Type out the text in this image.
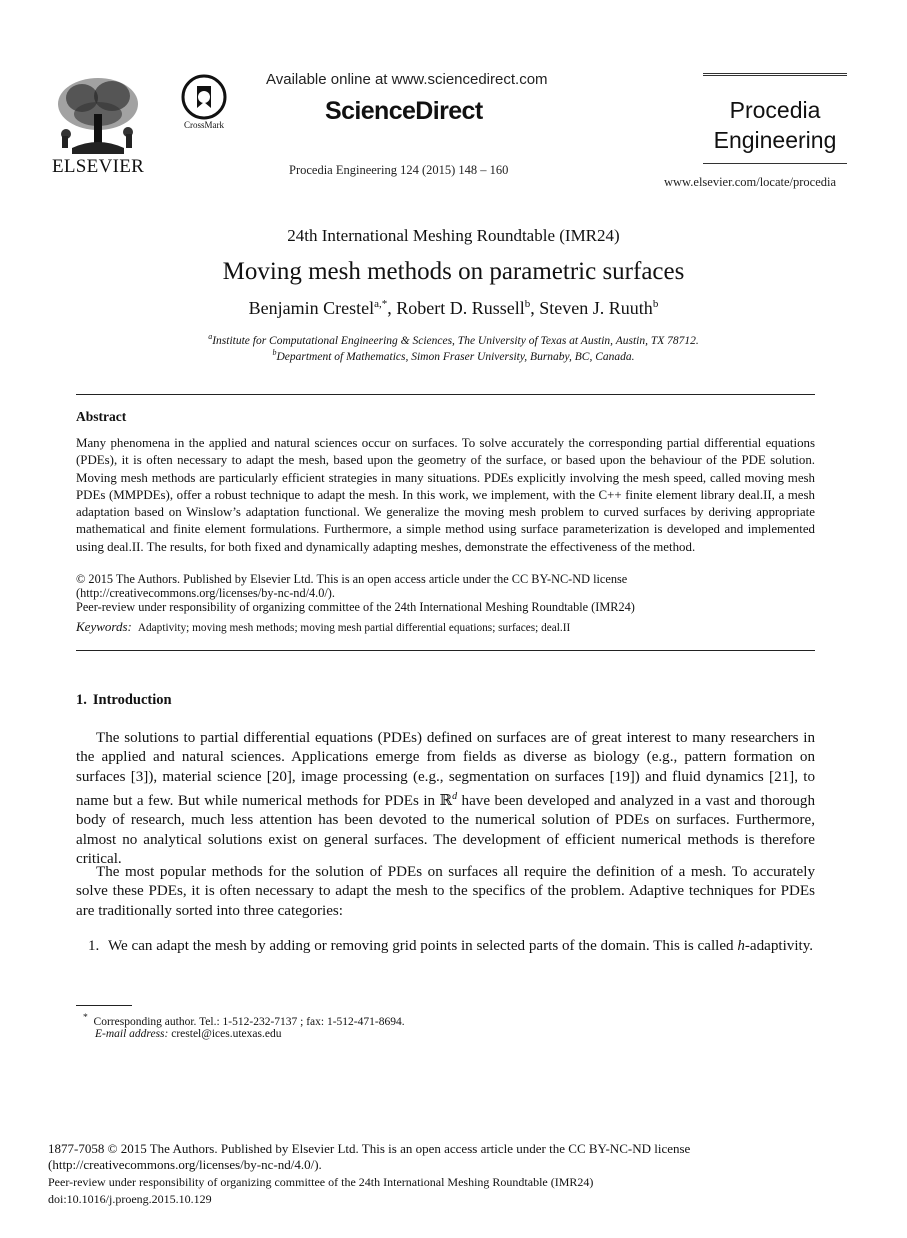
ELSEVIER
CrossMark
Available online at www.sciencedirect.com
ScienceDirect
Procedia Engineering 124 (2015) 148 – 160
Procedia
Engineering
www.elsevier.com/locate/procedia
24th International Meshing Roundtable (IMR24)
Moving mesh methods on parametric surfaces
Benjamin Crestel$^{a,*}$, Robert D. Russell$^b$, Steven J. Ruuth$^b$
$^a$Institute for Computational Engineering & Sciences, The University of Texas at Austin, Austin, TX 78712.
$^b$Department of Mathematics, Simon Fraser University, Burnaby, BC, Canada.
Abstract
Many phenomena in the applied and natural sciences occur on surfaces. To solve accurately the corresponding partial differential equations (PDEs), it is often necessary to adapt the mesh, based upon the geometry of the surface, or based upon the behaviour of the PDE solution. Moving mesh methods are particularly efficient strategies in many situations. PDEs explicitly involving the mesh speed, called moving mesh PDEs (MMPDEs), offer a robust technique to adapt the mesh. In this work, we implement, with the C++ finite element library deal.II, a mesh adaptation based on Winslow’s adaptation functional. We generalize the moving mesh problem to curved surfaces by deriving appropriate mathematical and finite element formulations. Furthermore, a simple method using surface parameterization is developed and implemented using deal.II. The results, for both fixed and dynamically adapting meshes, demonstrate the effectiveness of the method.
© 2015 The Authors. Published by Elsevier Ltd. This is an open access article under the CC BY-NC-ND license
(http://creativecommons.org/licenses/by-nc-nd/4.0/).
Peer-review under responsibility of organizing committee of the 24th International Meshing Roundtable (IMR24)
Keywords: Adaptivity; moving mesh methods; moving mesh partial differential equations; surfaces; deal.II
1. Introduction
The solutions to partial differential equations (PDEs) defined on surfaces are of great interest to many researchers in the applied and natural sciences. Applications emerge from fields as diverse as biology (e.g., pattern formation on surfaces [3]), material science [20], image processing (e.g., segmentation on surfaces [19]) and fluid dynamics [21], to name but a few. But while numerical methods for PDEs in ℝ$^d$ have been developed and analyzed in a vast and thorough body of research, much less attention has been devoted to the numerical solution of PDEs on surfaces. Furthermore, almost no analytical solutions exist on general surfaces. The development of efficient numerical methods is therefore critical.
The most popular methods for the solution of PDEs on surfaces all require the definition of a mesh. To accurately solve these PDEs, it is often necessary to adapt the mesh to the specifics of the problem. Adaptive techniques for PDEs are traditionally sorted into three categories:
1. We can adapt the mesh by adding or removing grid points in selected parts of the domain. This is called h-adaptivity.
* Corresponding author. Tel.: 1-512-232-7137 ; fax: 1-512-471-8694.
E-mail address: crestel@ices.utexas.edu
1877-7058 © 2015 The Authors. Published by Elsevier Ltd. This is an open access article under the CC BY-NC-ND license
(http://creativecommons.org/licenses/by-nc-nd/4.0/).
Peer-review under responsibility of organizing committee of the 24th International Meshing Roundtable (IMR24)
doi:10.1016/j.proeng.2015.10.129
